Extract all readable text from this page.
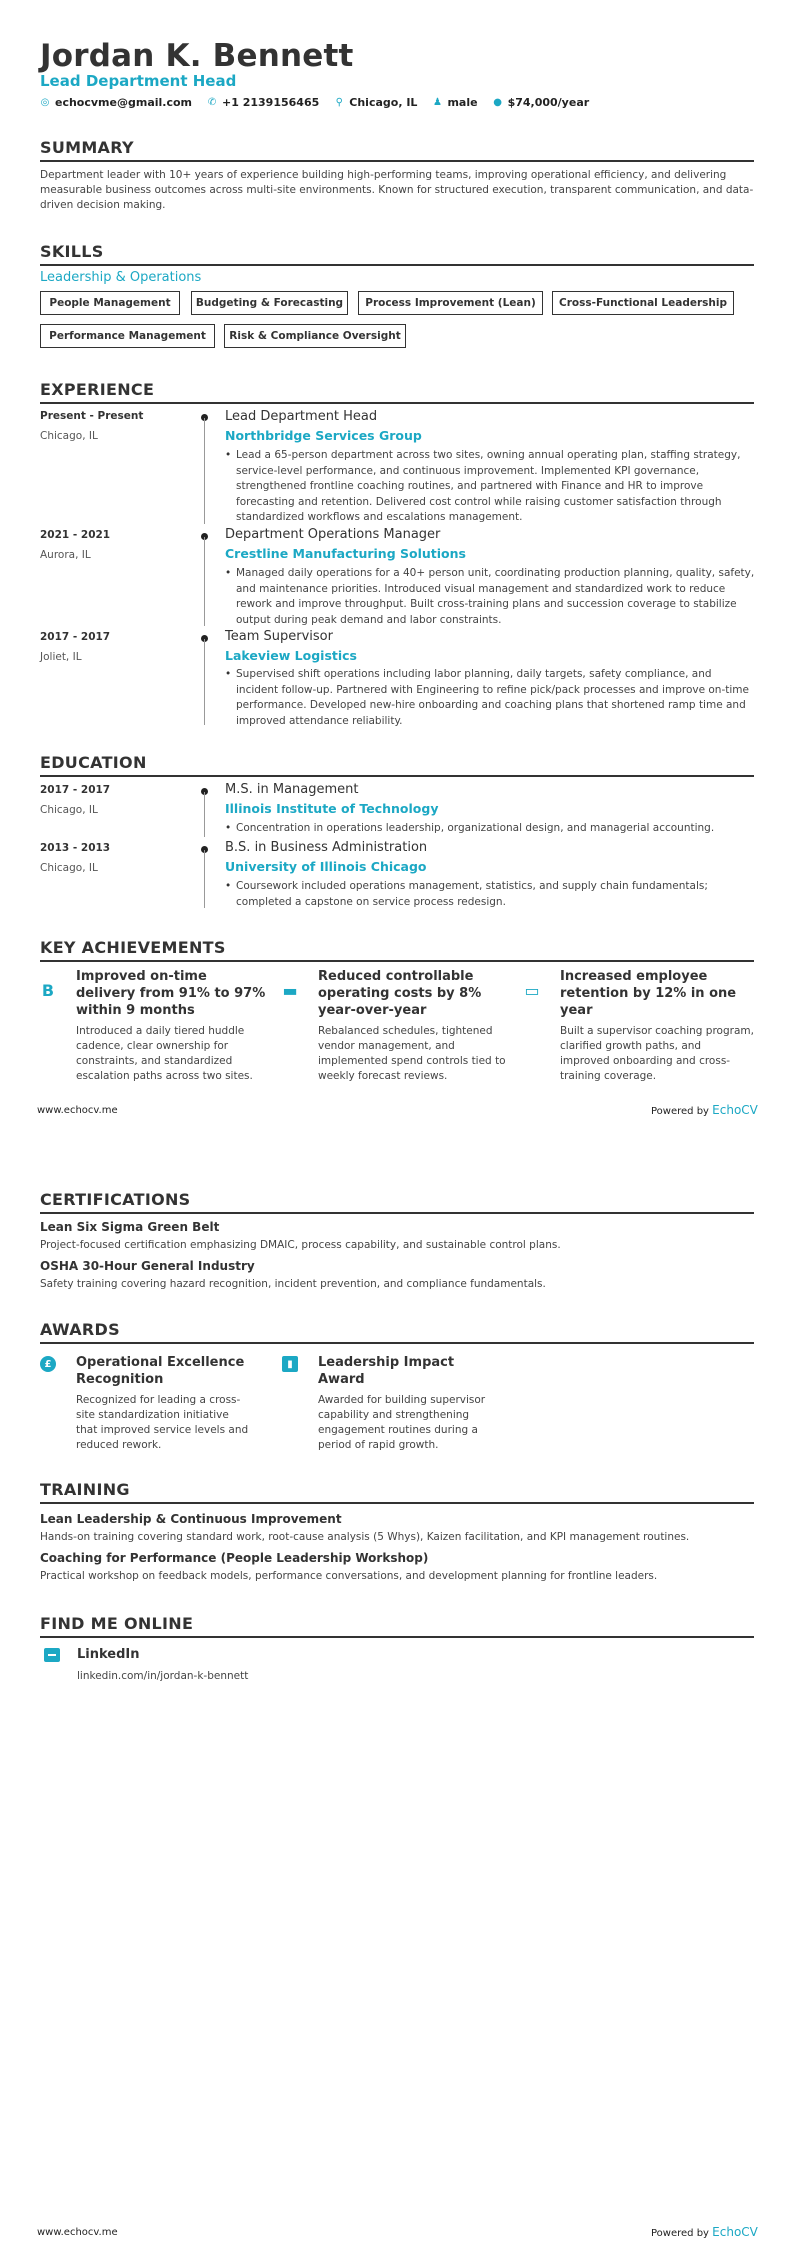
Jordan K. Bennett
Lead Department Head
◎ echocvme@gmail.com ✆ +1 2139156465 ⚲ Chicago, IL ♟ male ● $74,000/year
SUMMARY
Department leader with 10+ years of experience building high-performing teams, improving operational efficiency, and delivering measurable business outcomes across multi-site environments. Known for structured execution, transparent communication, and data-driven decision making.
SKILLS
Leadership & Operations
People Management	Budgeting & Forecasting	Process Improvement (Lean)	Cross-Functional Leadership
Performance Management	Risk & Compliance Oversight
EXPERIENCE
Present - Present
Chicago, IL
Lead Department Head
Northbridge Services Group
• Lead a 65-person department across two sites, owning annual operating plan, staffing strategy, service-level performance, and continuous improvement. Implemented KPI governance, strengthened frontline coaching routines, and partnered with Finance and HR to improve forecasting and retention. Delivered cost control while raising customer satisfaction through standardized workflows and escalations management.
2021 - 2021
Aurora, IL
Department Operations Manager
Crestline Manufacturing Solutions
• Managed daily operations for a 40+ person unit, coordinating production planning, quality, safety, and maintenance priorities. Introduced visual management and standardized work to reduce rework and improve throughput. Built cross-training plans and succession coverage to stabilize output during peak demand and labor constraints.
2017 - 2017
Joliet, IL
Team Supervisor
Lakeview Logistics
• Supervised shift operations including labor planning, daily targets, safety compliance, and incident follow-up. Partnered with Engineering to refine pick/pack processes and improve on-time performance. Developed new-hire onboarding and coaching plans that shortened ramp time and improved attendance reliability.
EDUCATION
2017 - 2017
Chicago, IL
M.S. in Management
Illinois Institute of Technology
• Concentration in operations leadership, organizational design, and managerial accounting.
2013 - 2013
Chicago, IL
B.S. in Business Administration
University of Illinois Chicago
• Coursework included operations management, statistics, and supply chain fundamentals; completed a capstone on service process redesign.
KEY ACHIEVEMENTS
B
Improved on-time delivery from 91% to 97% within 9 months
Introduced a daily tiered huddle cadence, clear ownership for constraints, and standardized escalation paths across two sites.
▬
Reduced controllable operating costs by 8% year-over-year
Rebalanced schedules, tightened vendor management, and implemented spend controls tied to weekly forecast reviews.
▭
Increased employee retention by 12% in one year
Built a supervisor coaching program, clarified growth paths, and improved onboarding and cross-training coverage.
www.echocv.me	Powered by EchoCV
CERTIFICATIONS
Lean Six Sigma Green Belt
Project-focused certification emphasizing DMAIC, process capability, and sustainable control plans.
OSHA 30-Hour General Industry
Safety training covering hazard recognition, incident prevention, and compliance fundamentals.
AWARDS
£	Operational Excellence Recognition
Recognized for leading a cross-site standardization initiative that improved service levels and reduced rework.
▮	Leadership Impact Award
Awarded for building supervisor capability and strengthening engagement routines during a period of rapid growth.
TRAINING
Lean Leadership & Continuous Improvement
Hands-on training covering standard work, root-cause analysis (5 Whys), Kaizen facilitation, and KPI management routines.
Coaching for Performance (People Leadership Workshop)
Practical workshop on feedback models, performance conversations, and development planning for frontline leaders.
FIND ME ONLINE
LinkedIn
linkedin.com/in/jordan-k-bennett
www.echocv.me	Powered by EchoCV
